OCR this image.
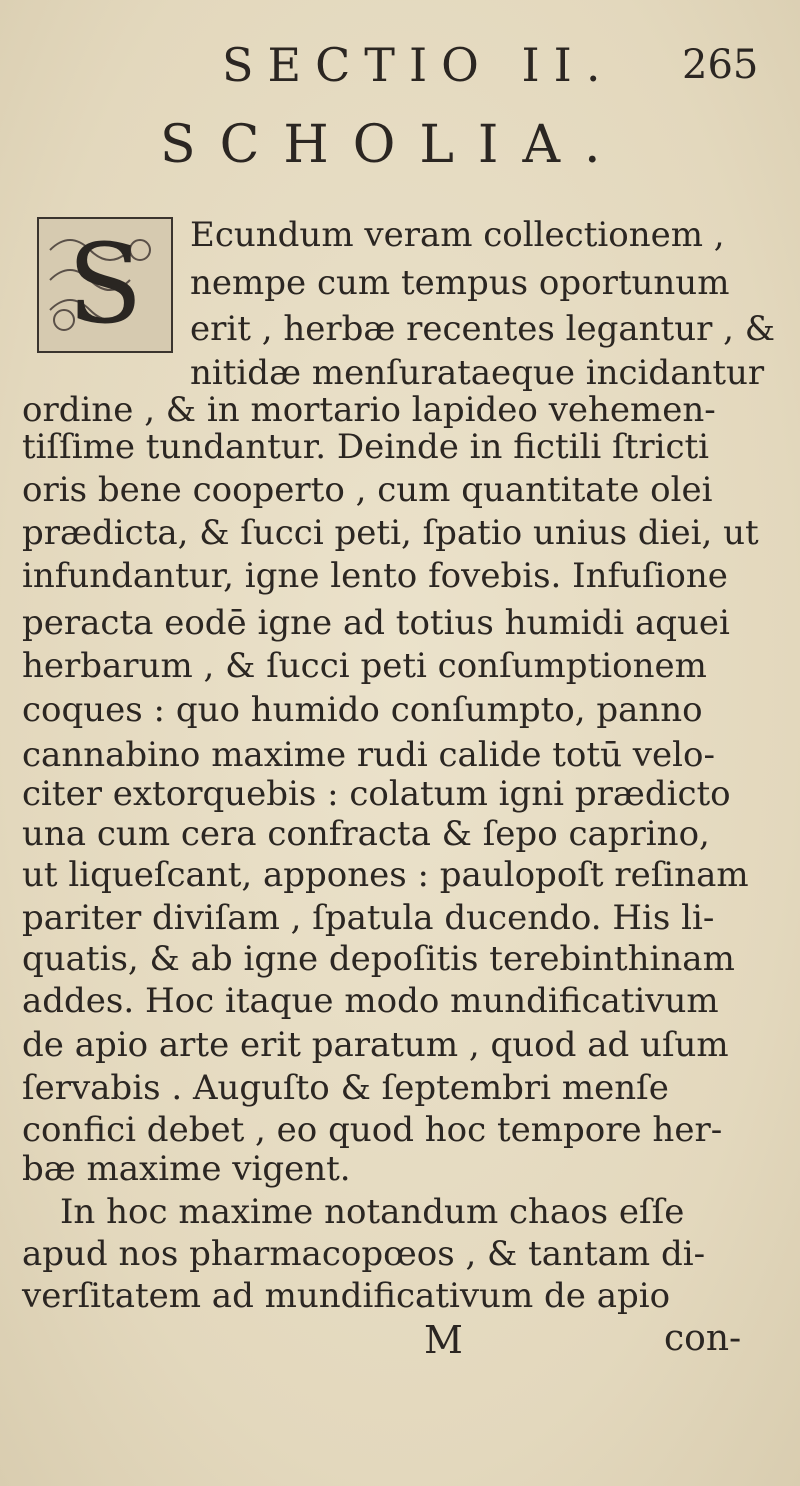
SECTIO II. 265
SCHOLIA.
S Ecundum veram collectionem ,
nempe cum tempus oportunum
erit , herbæ recentes legantur , &
nitidæ menſurataeque incidantur
ordine , & in mortario lapideo vehemen-
tiſſime tundantur. Deinde in fictili ſtricti
oris bene cooperto , cum quantitate olei
prædicta, & ſucci peti, ſpatio unius diei, ut
infundantur, igne lento fovebis. Infuſione
peracta eodē igne ad totius humidi aquei
herbarum , & ſucci peti conſumptionem
coques : quo humido conſumpto, panno
cannabino maxime rudi calide totū velo-
citer extorquebis : colatum igni prædicto
una cum cera confracta & ſepo caprino,
ut liqueſcant, appones : paulopoſt reſinam
pariter diviſam , ſpatula ducendo. His li-
quatis, & ab igne depoſitis terebinthinam
addes. Hoc itaque modo mundificativum
de apio arte erit paratum , quod ad uſum
ſervabis . Auguſto & ſeptembri menſe
confici debet , eo quod hoc tempore her-
bæ maxime vigent.
In hoc maxime notandum chaos eſſe
apud nos pharmacopœos , & tantam di-
verſitatem ad mundificativum de apio
M	con-
